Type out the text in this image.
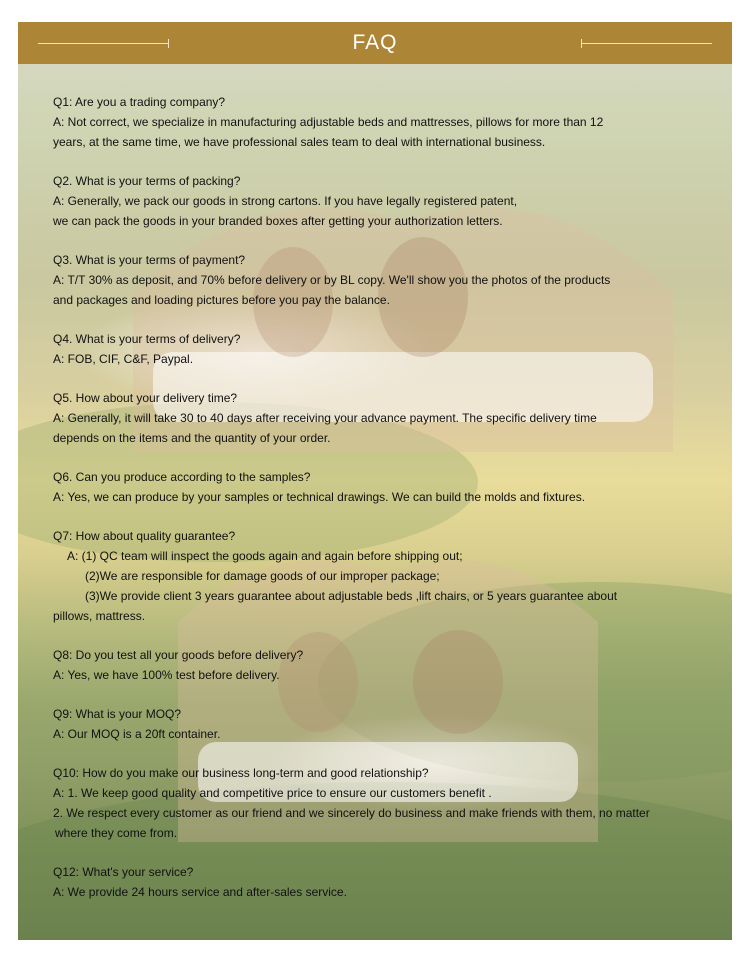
FAQ

Q1: Are you a trading company?

A: Not correct, we specialize in manufacturing adjustable beds and mattresses, pillows for more than 12

years, at the same time, we have professional sales team to deal with international business.

Q2. What is your terms of packing?

A: Generally, we pack our goods in strong cartons. If you have legally registered patent,

we can pack the goods in your branded boxes after getting your authorization letters.

Q3. What is your terms of payment?

A: T/T 30% as deposit, and 70% before delivery or by BL copy. We'll show you the photos of the products

and packages and loading pictures before you pay the balance.

Q4. What is your terms of delivery?

A: FOB, CIF, C&F, Paypal.

Q5. How about your delivery time?

A: Generally, it will take 30 to 40 days after receiving your advance payment. The specific delivery time

depends on the items and the quantity of your order.

Q6. Can you produce according to the samples?

A: Yes, we can produce by your samples or technical drawings. We can build the molds and fixtures.

Q7: How about quality guarantee?

A: (1) QC team will inspect the goods again and again before shipping out;

(2)We are responsible for damage goods of our improper package;

(3)We provide client 3 years guarantee about adjustable beds ,lift chairs, or 5 years guarantee about

pillows, mattress.

Q8: Do you test all your goods before delivery?

A: Yes, we have 100% test before delivery.

Q9: What is your MOQ?

A: Our MOQ is a 20ft container.

Q10: How do you make our business long-term and good relationship?

A: 1. We keep good quality and competitive price to ensure our customers benefit .

2. We respect every customer as our friend and we sincerely do business and make friends with them, no matter

where they come from.

Q12: What's your service?

A: We provide 24 hours service and after-sales service.
